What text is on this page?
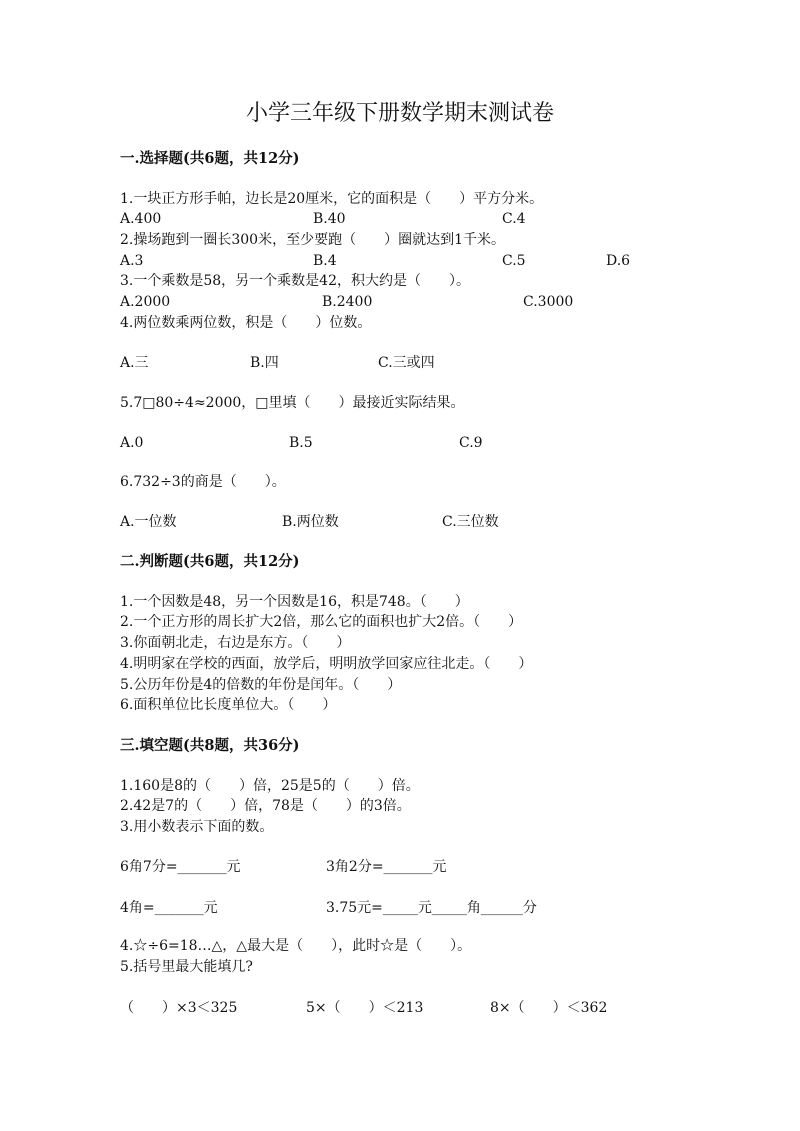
小学三年级下册数学期末测试卷
一.选择题(共6题，共12分)
1.一块正方形手帕，边长是20厘米，它的面积是（　　）平方分米。
A.400	B.40	C.4
2.操场跑到一圈长300米，至少要跑（　　）圈就达到1千米。
A.3	B.4	C.5	D.6
3.一个乘数是58，另一个乘数是42，积大约是（　　）。
A.2000	B.2400	C.3000
4.两位数乘两位数，积是（　　）位数。
A.三	B.四	C.三或四
5.7□80÷4≈2000，□里填（　　）最接近实际结果。
A.0	B.5	C.9
6.732÷3的商是（　　）。
A.一位数	B.两位数	C.三位数
二.判断题(共6题，共12分)
1.一个因数是48，另一个因数是16，积是748。（　　）
2.一个正方形的周长扩大2倍，那么它的面积也扩大2倍。（　　）
3.你面朝北走，右边是东方。（　　）
4.明明家在学校的西面，放学后，明明放学回家应往北走。（　　）
5.公历年份是4的倍数的年份是闰年。（　　）
6.面积单位比长度单位大。（　　）
三.填空题(共8题，共36分)
1.160是8的（　　）倍，25是5的（　　）倍。
2.42是7的（　　）倍，78是（　　）的3倍。
3.用小数表示下面的数。
6角7分=_______元	3角2分=_______元
4角=_______元	3.75元=_____元_____角______分
4.☆÷6=18…△，△最大是（　　），此时☆是（　　）。
5.括号里最大能填几?
（　　）×3＜325	5×（　　）＜213	8×（　　）＜362
